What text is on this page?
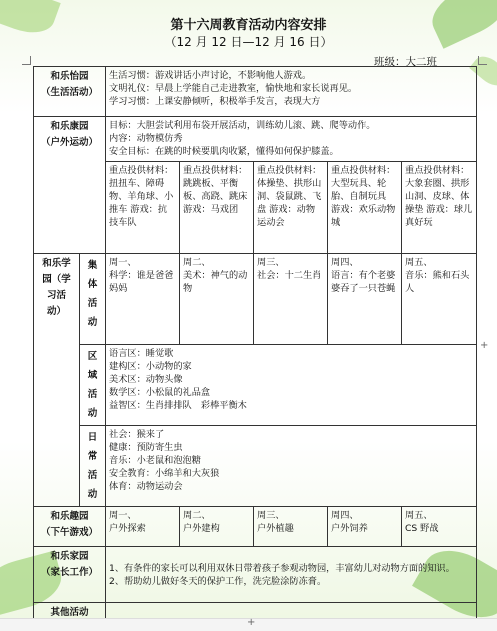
第十六周教育活动内容安排
（12 月 12 日—12 月 16 日）
班级：大二班
和乐怡园
（生活活动）		生活习惯：游戏讲话小声讨论，不影响他人游戏。
文明礼仪：早晨上学能自己走进教室，愉快地和家长说再见。
学习习惯：上课安静倾听，积极举手发言，表现大方				

和乐康园
（户外运动）		目标：大胆尝试利用布袋开展活动，训练幼儿滚、跳、爬等动作。
内容：动物模仿秀
安全目标：在跳的时候要肌肉收紧，懂得如何保护膝盖。				

		重点投供材料：扭扭车、障碍物、羊角球、小推车 游戏：抗技车队	重点投供材料：跳跳板、平衡板、高跷、跳床 游戏：马戏团	重点投供材料：体操垫、拱形山洞、袋鼠跳、飞盘 游戏：动物运动会	重点投供材料：大型玩具、轮胎、自制玩具 游戏：欢乐动物城	重点投供材料：大象套圈、拱形山洞、皮球、体操垫 游戏：球儿真好玩

和乐学
园（学
习活
动）	集
体
活
动	周一、
科学：谁是爸爸妈妈	周二、
美术：神气的动物	周三、
社会：十二生肖	周四、
语言：有个老婆婆吞了一只苍蝇	周五、
音乐：熊和石头人

	区
域
活
动	语言区：睡觉歌
建构区：小动物的家
美术区：动物头像
数学区：小松鼠的礼品盒
益智区：生肖排排队　彩棒平衡木				

	日
常
活
动	社会：猴来了
健康：预防寄生虫
音乐：小老鼠和泡泡糖
安全教育：小绵羊和大灰狼
体育：动物运动会				

和乐趣园
（下午游戏）		周一、
户外探索	周二、
户外建构	周三、
户外植趣	周四、
户外饲养	周五、
CS 野战

和乐家园
（家长工作）		1、有条件的家长可以利用双休日带着孩子参观动物园，丰富幼儿对动物方面的知识。
2、帮助幼儿做好冬天的保护工作，洗完脸涂防冻膏。				

其他活动						
+
+
